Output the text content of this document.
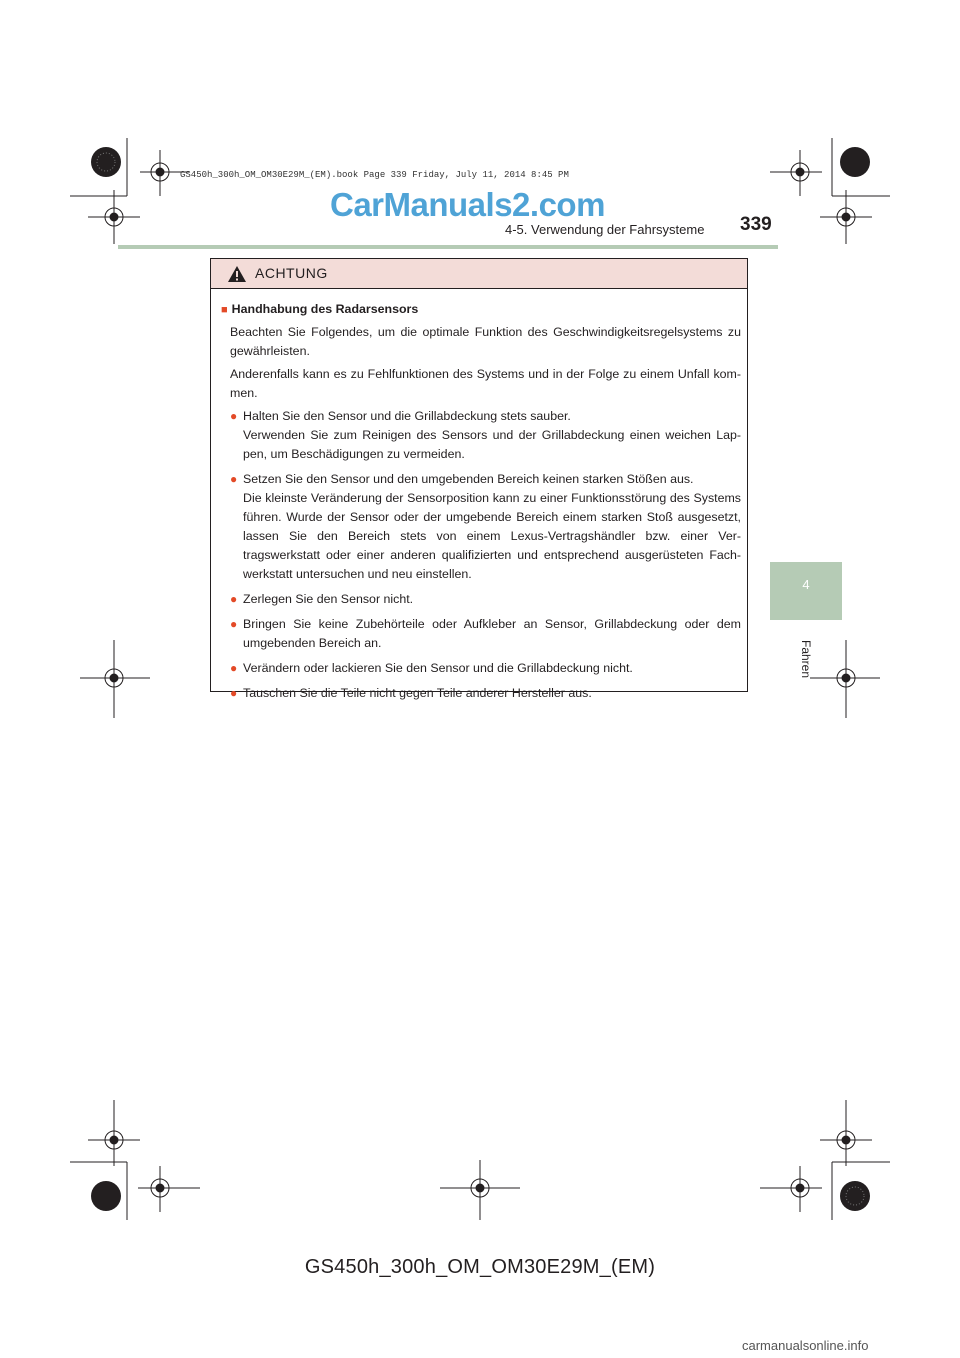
GS450h_300h_OM_OM30E29M_(EM).book Page 339 Friday, July 11, 2014 8:45 PM
CarManuals2.com
4-5. Verwendung der Fahrsysteme 339
4
Fahren
ACHTUNG
■ Handhabung des Radarsensors
Beachten Sie Folgendes, um die optimale Funktion des Geschwindigkeitsregelsystems zu gewährleisten.
Anderenfalls kann es zu Fehlfunktionen des Systems und in der Folge zu einem Unfall kom-men.
● Halten Sie den Sensor und die Grillabdeckung stets sauber.
Verwenden Sie zum Reinigen des Sensors und der Grillabdeckung einen weichen Lap-pen, um Beschädigungen zu vermeiden.
● Setzen Sie den Sensor und den umgebenden Bereich keinen starken Stößen aus.
Die kleinste Veränderung der Sensorposition kann zu einer Funktionsstörung des Systems führen. Wurde der Sensor oder der umgebende Bereich einem starken Stoß ausgesetzt, lassen Sie den Bereich stets von einem Lexus-Vertragshändler bzw. einer Ver-tragswerkstatt oder einer anderen qualifizierten und entsprechend ausgerüsteten Fach-werkstatt untersuchen und neu einstellen.
● Zerlegen Sie den Sensor nicht.
● Bringen Sie keine Zubehörteile oder Aufkleber an Sensor, Grillabdeckung oder dem umgebenden Bereich an.
● Verändern oder lackieren Sie den Sensor und die Grillabdeckung nicht.
● Tauschen Sie die Teile nicht gegen Teile anderer Hersteller aus.
GS450h_300h_OM_OM30E29M_(EM)
carmanualsonline.info
